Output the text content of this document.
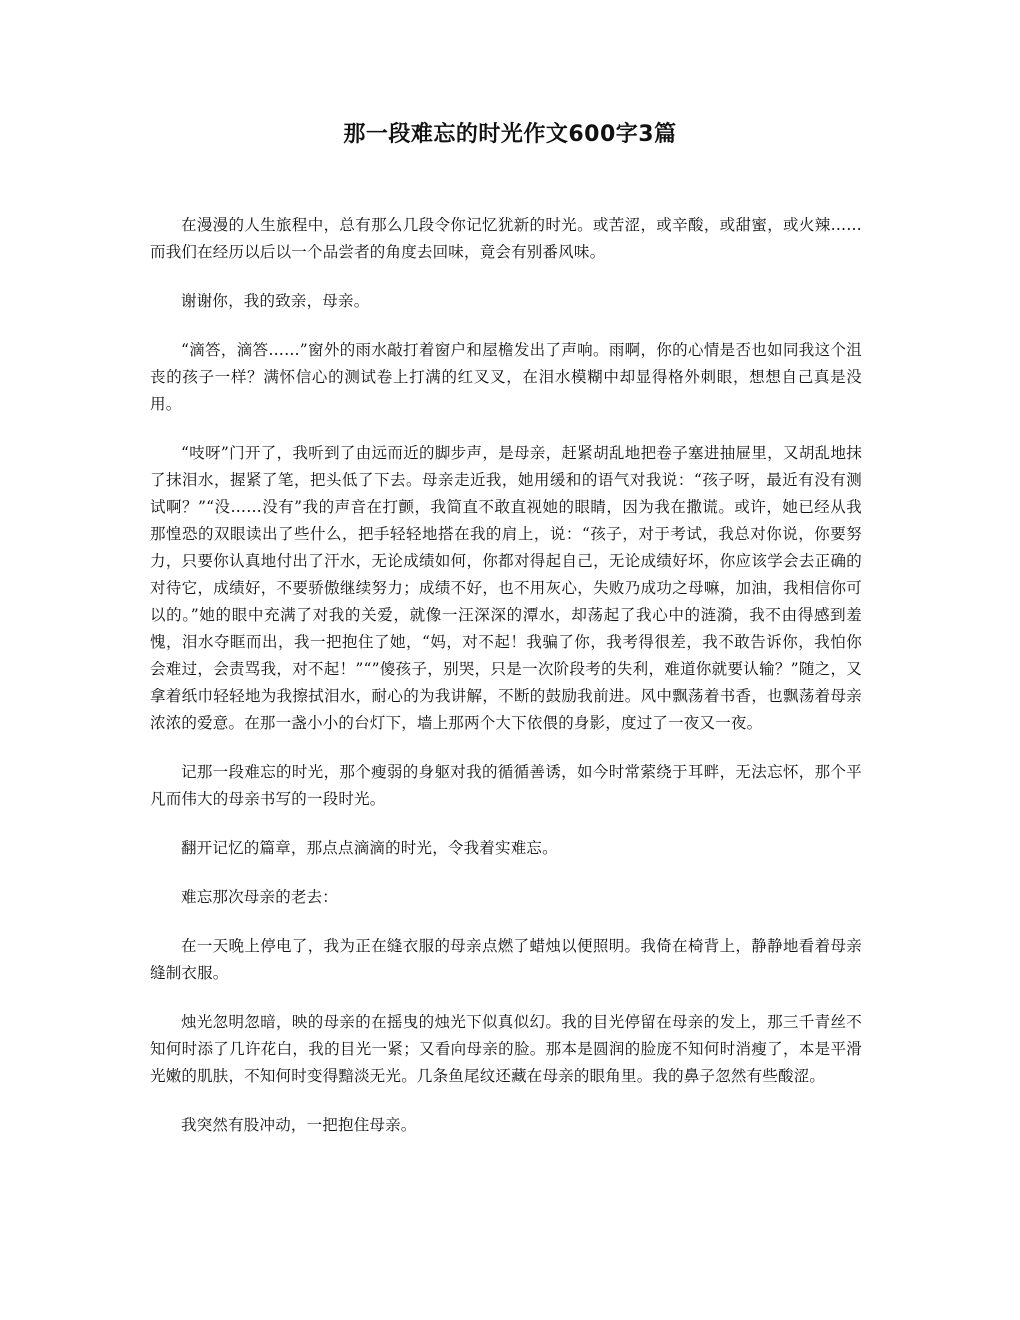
那一段难忘的时光作文600字3篇

在漫漫的人生旅程中，总有那么几段令你记忆犹新的时光。或苦涩，或辛酸，或甜蜜，或火辣……而我们在经历以后以一个品尝者的角度去回味，竟会有别番风味。

谢谢你，我的致亲，母亲。

“滴答，滴答……”窗外的雨水敲打着窗户和屋檐发出了声响。雨啊，你的心情是否也如同我这个沮丧的孩子一样？满怀信心的测试卷上打满的红叉叉，在泪水模糊中却显得格外刺眼，想想自己真是没用。

“吱呀”门开了，我听到了由远而近的脚步声，是母亲，赶紧胡乱地把卷子塞进抽屉里，又胡乱地抹了抹泪水，握紧了笔，把头低了下去。母亲走近我，她用缓和的语气对我说：“孩子呀，最近有没有测试啊？”“没……没有”我的声音在打颤，我简直不敢直视她的眼睛，因为我在撒谎。或许，她已经从我那惶恐的双眼读出了些什么，把手轻轻地搭在我的肩上，说：“孩子，对于考试，我总对你说，你要努力，只要你认真地付出了汗水，无论成绩如何，你都对得起自己，无论成绩好坏，你应该学会去正确的对待它，成绩好，不要骄傲继续努力；成绩不好，也不用灰心，失败乃成功之母嘛，加油，我相信你可以的。”她的眼中充满了对我的关爱，就像一汪深深的潭水，却荡起了我心中的涟漪，我不由得感到羞愧，泪水夺眶而出，我一把抱住了她，“妈，对不起！我骗了你，我考得很差，我不敢告诉你，我怕你会难过，会责骂我，对不起！”“”傻孩子，别哭，只是一次阶段考的失利，难道你就要认输？”随之，又拿着纸巾轻轻地为我擦拭泪水，耐心的为我讲解，不断的鼓励我前进。风中飘荡着书香，也飘荡着母亲浓浓的爱意。在那一盏小小的台灯下，墙上那两个大下依偎的身影，度过了一夜又一夜。

记那一段难忘的时光，那个瘦弱的身躯对我的循循善诱，如今时常萦绕于耳畔，无法忘怀，那个平凡而伟大的母亲书写的一段时光。

翻开记忆的篇章，那点点滴滴的时光，令我着实难忘。

难忘那次母亲的老去：

在一天晚上停电了，我为正在缝衣服的母亲点燃了蜡烛以便照明。我倚在椅背上，静静地看着母亲缝制衣服。

烛光忽明忽暗，映的母亲的在摇曳的烛光下似真似幻。我的目光停留在母亲的发上，那三千青丝不知何时添了几许花白，我的目光一紧；又看向母亲的脸。那本是圆润的脸庞不知何时消瘦了，本是平滑光嫩的肌肤，不知何时变得黯淡无光。几条鱼尾纹还藏在母亲的眼角里。我的鼻子忽然有些酸涩。

我突然有股冲动，一把抱住母亲。
